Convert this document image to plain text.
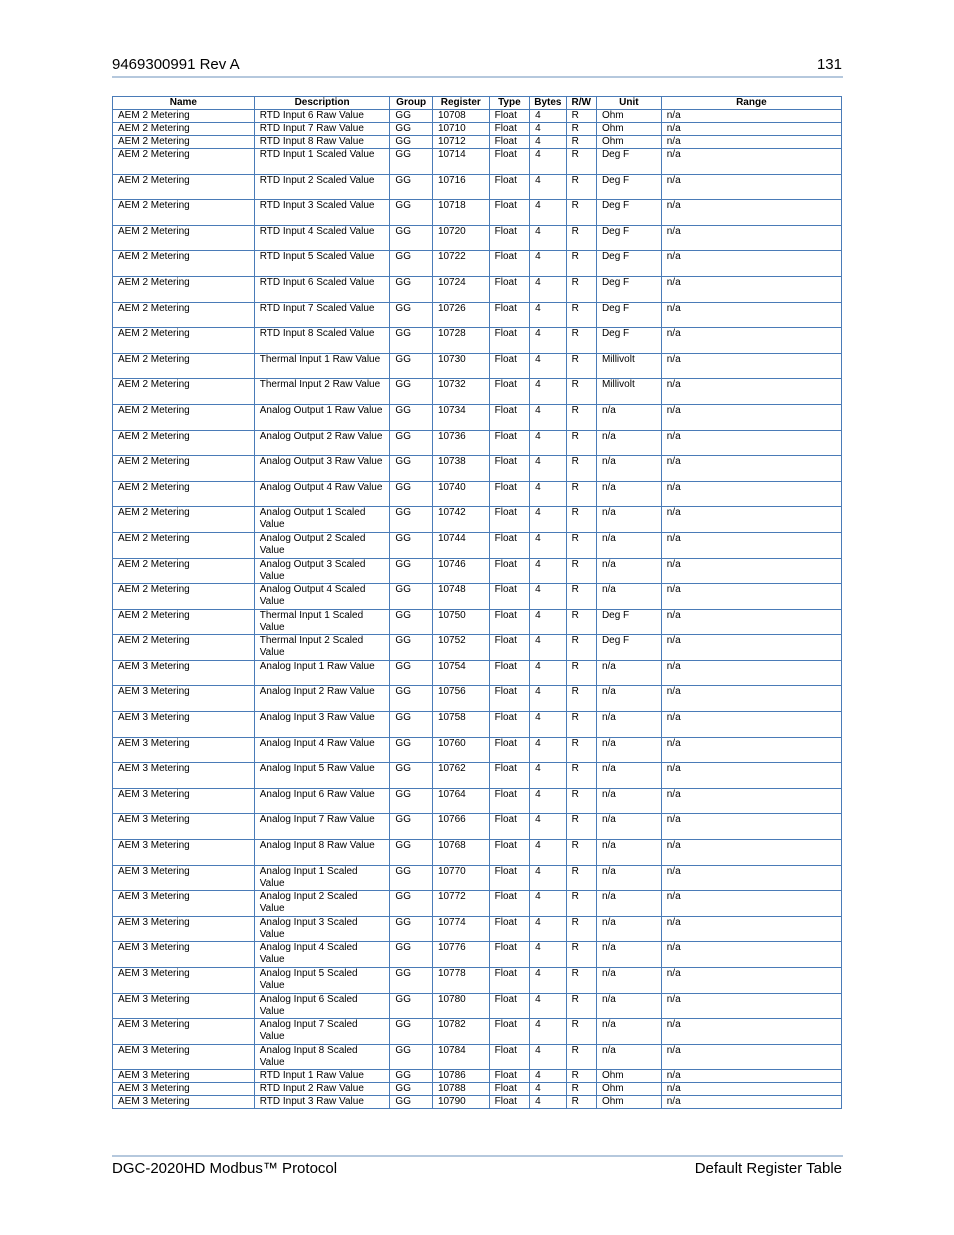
9469300991 Rev A	131
Name	Description	Group	Register	Type	Bytes	R/W	Unit	Range
AEM 2 Metering	RTD Input 6 Raw Value	GG	10708	Float	4	R	Ohm	n/a
AEM 2 Metering	RTD Input 7 Raw Value	GG	10710	Float	4	R	Ohm	n/a
AEM 2 Metering	RTD Input 8 Raw Value	GG	10712	Float	4	R	Ohm	n/a
AEM 2 Metering	RTD Input 1 Scaled Value	GG	10714	Float	4	R	Deg F	n/a
AEM 2 Metering	RTD Input 2 Scaled Value	GG	10716	Float	4	R	Deg F	n/a
AEM 2 Metering	RTD Input 3 Scaled Value	GG	10718	Float	4	R	Deg F	n/a
AEM 2 Metering	RTD Input 4 Scaled Value	GG	10720	Float	4	R	Deg F	n/a
AEM 2 Metering	RTD Input 5 Scaled Value	GG	10722	Float	4	R	Deg F	n/a
AEM 2 Metering	RTD Input 6 Scaled Value	GG	10724	Float	4	R	Deg F	n/a
AEM 2 Metering	RTD Input 7 Scaled Value	GG	10726	Float	4	R	Deg F	n/a
AEM 2 Metering	RTD Input 8 Scaled Value	GG	10728	Float	4	R	Deg F	n/a
AEM 2 Metering	Thermal Input 1 Raw Value	GG	10730	Float	4	R	Millivolt	n/a
AEM 2 Metering	Thermal Input 2 Raw Value	GG	10732	Float	4	R	Millivolt	n/a
AEM 2 Metering	Analog Output 1 Raw Value	GG	10734	Float	4	R	n/a	n/a
AEM 2 Metering	Analog Output 2 Raw Value	GG	10736	Float	4	R	n/a	n/a
AEM 2 Metering	Analog Output 3 Raw Value	GG	10738	Float	4	R	n/a	n/a
AEM 2 Metering	Analog Output 4 Raw Value	GG	10740	Float	4	R	n/a	n/a
AEM 2 Metering	Analog Output 1 Scaled Value	GG	10742	Float	4	R	n/a	n/a
AEM 2 Metering	Analog Output 2 Scaled Value	GG	10744	Float	4	R	n/a	n/a
AEM 2 Metering	Analog Output 3 Scaled Value	GG	10746	Float	4	R	n/a	n/a
AEM 2 Metering	Analog Output 4 Scaled Value	GG	10748	Float	4	R	n/a	n/a
AEM 2 Metering	Thermal Input 1 Scaled Value	GG	10750	Float	4	R	Deg F	n/a
AEM 2 Metering	Thermal Input 2 Scaled Value	GG	10752	Float	4	R	Deg F	n/a
AEM 3 Metering	Analog Input 1 Raw Value	GG	10754	Float	4	R	n/a	n/a
AEM 3 Metering	Analog Input 2 Raw Value	GG	10756	Float	4	R	n/a	n/a
AEM 3 Metering	Analog Input 3 Raw Value	GG	10758	Float	4	R	n/a	n/a
AEM 3 Metering	Analog Input 4 Raw Value	GG	10760	Float	4	R	n/a	n/a
AEM 3 Metering	Analog Input 5 Raw Value	GG	10762	Float	4	R	n/a	n/a
AEM 3 Metering	Analog Input 6 Raw Value	GG	10764	Float	4	R	n/a	n/a
AEM 3 Metering	Analog Input 7 Raw Value	GG	10766	Float	4	R	n/a	n/a
AEM 3 Metering	Analog Input 8 Raw Value	GG	10768	Float	4	R	n/a	n/a
AEM 3 Metering	Analog Input 1 Scaled Value	GG	10770	Float	4	R	n/a	n/a
AEM 3 Metering	Analog Input 2 Scaled Value	GG	10772	Float	4	R	n/a	n/a
AEM 3 Metering	Analog Input 3 Scaled Value	GG	10774	Float	4	R	n/a	n/a
AEM 3 Metering	Analog Input 4 Scaled Value	GG	10776	Float	4	R	n/a	n/a
AEM 3 Metering	Analog Input 5 Scaled Value	GG	10778	Float	4	R	n/a	n/a
AEM 3 Metering	Analog Input 6 Scaled Value	GG	10780	Float	4	R	n/a	n/a
AEM 3 Metering	Analog Input 7 Scaled Value	GG	10782	Float	4	R	n/a	n/a
AEM 3 Metering	Analog Input 8 Scaled Value	GG	10784	Float	4	R	n/a	n/a
AEM 3 Metering	RTD Input 1 Raw Value	GG	10786	Float	4	R	Ohm	n/a
AEM 3 Metering	RTD Input 2 Raw Value	GG	10788	Float	4	R	Ohm	n/a
AEM 3 Metering	RTD Input 3 Raw Value	GG	10790	Float	4	R	Ohm	n/a
DGC-2020HD Modbus™ Protocol	Default Register Table
